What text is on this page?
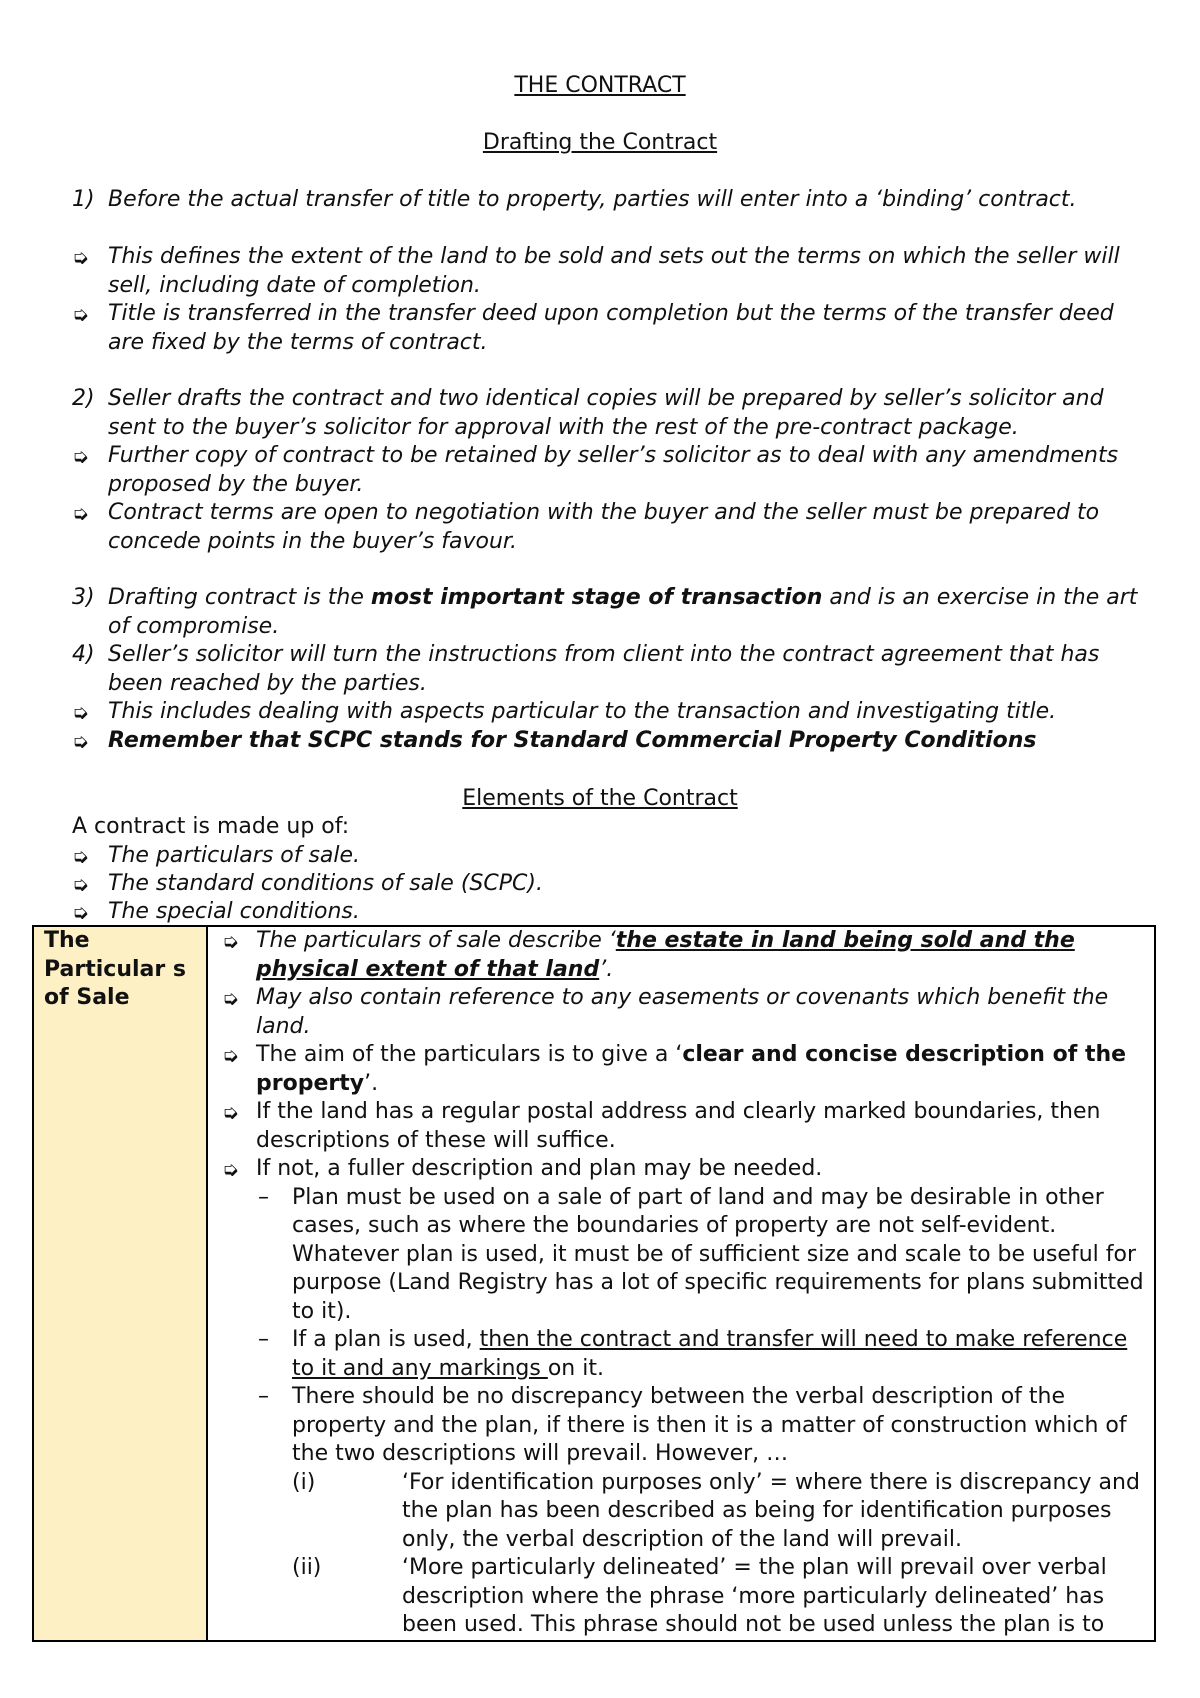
THE CONTRACT
Drafting the Contract
1) Before the actual transfer of title to property, parties will enter into a ‘binding’ contract.
➭ This defines the extent of the land to be sold and sets out the terms on which the seller will sell, including date of completion.
➭ Title is transferred in the transfer deed upon completion but the terms of the transfer deed are fixed by the terms of contract.
2) Seller drafts the contract and two identical copies will be prepared by seller’s solicitor and sent to the buyer’s solicitor for approval with the rest of the pre-contract package.
➭ Further copy of contract to be retained by seller’s solicitor as to deal with any amendments proposed by the buyer.
➭ Contract terms are open to negotiation with the buyer and the seller must be prepared to concede points in the buyer’s favour.
3) Drafting contract is the most important stage of transaction and is an exercise in the art of compromise.
4) Seller’s solicitor will turn the instructions from client into the contract agreement that has been reached by the parties.
➭ This includes dealing with aspects particular to the transaction and investigating title.
➭ Remember that SCPC stands for Standard Commercial Property Conditions
Elements of the Contract
A contract is made up of:
➭ The particulars of sale.
➭ The standard conditions of sale (SCPC).
➭ The special conditions.
The Particular s of Sale	
➭ The particulars of sale describe ‘the estate in land being sold and the physical extent of that land’.
➭ May also contain reference to any easements or covenants which benefit the land.
➭ The aim of the particulars is to give a ‘clear and concise description of the property’.
➭ If the land has a regular postal address and clearly marked boundaries, then descriptions of these will suffice.
➭ If not, a fuller description and plan may be needed.
–	Plan must be used on a sale of part of land and may be desirable in other cases, such as where the boundaries of property are not self-evident. Whatever plan is used, it must be of sufficient size and scale to be useful for purpose (Land Registry has a lot of specific requirements for plans submitted to it).
–	If a plan is used, then the contract and transfer will need to make reference to it and any markings on it.
–	There should be no discrepancy between the verbal description of the property and the plan, if there is then it is a matter of construction which of the two descriptions will prevail. However, …
(i)	‘For identification purposes only’ = where there is discrepancy and the plan has been described as being for identification purposes only, the verbal description of the land will prevail.
(ii)	‘More particularly delineated’ = the plan will prevail over verbal description where the phrase ‘more particularly delineated’ has been used. This phrase should not be used unless the plan is to
